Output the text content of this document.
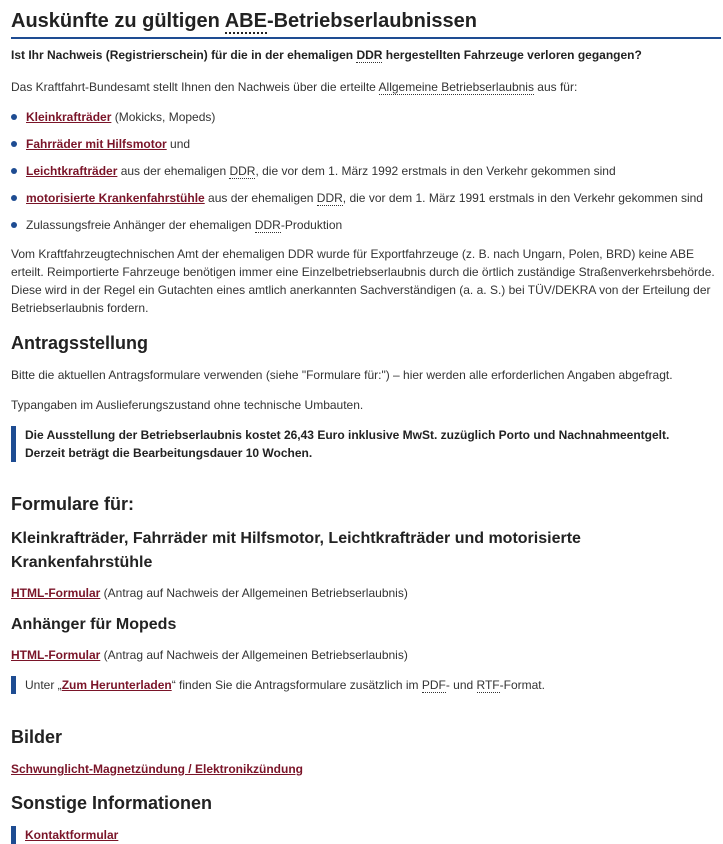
Auskünfte zu gültigen ABE-Betriebserlaubnissen

Ist Ihr Nachweis (Registrierschein) für die in der ehemaligen DDR hergestellten Fahrzeuge verloren gegangen?

Das Kraftfahrt-Bundesamt stellt Ihnen den Nachweis über die erteilte Allgemeine Betriebserlaubnis aus für:

Kleinkrafträder (Mokicks, Mopeds)
Fahrräder mit Hilfsmotor und
Leichtkrafträder aus der ehemaligen DDR, die vor dem 1. März 1992 erstmals in den Verkehr gekommen sind
motorisierte Krankenfahrstühle aus der ehemaligen DDR, die vor dem 1. März 1991 erstmals in den Verkehr gekommen sind
Zulassungsfreie Anhänger der ehemaligen DDR-Produktion

Vom Kraftfahrzeugtechnischen Amt der ehemaligen DDR wurde für Exportfahrzeuge (z. B. nach Ungarn, Polen, BRD) keine ABE erteilt. Reimportierte Fahrzeuge benötigen immer eine Einzelbetriebserlaubnis durch die örtlich zuständige Straßenverkehrsbehörde. Diese wird in der Regel ein Gutachten eines amtlich anerkannten Sachverständigen (a. a. S.) bei TÜV/DEKRA von der Erteilung der Betriebserlaubnis fordern.

Antragsstellung

Bitte die aktuellen Antragsformulare verwenden (siehe "Formulare für:") – hier werden alle erforderlichen Angaben abgefragt.

Typangaben im Auslieferungszustand ohne technische Umbauten.

Die Ausstellung der Betriebserlaubnis kostet 26,43 Euro inklusive MwSt. zuzüglich Porto und Nachnahmeentgelt.
Derzeit beträgt die Bearbeitungsdauer 10 Wochen.
Formulare für:
Kleinkrafträder, Fahrräder mit Hilfsmotor, Leichtkrafträder und motorisierte
Krankenfahrstühle

HTML-Formular (Antrag auf Nachweis der Allgemeinen Betriebserlaubnis)

Anhänger für Mopeds

HTML-Formular (Antrag auf Nachweis der Allgemeinen Betriebserlaubnis)

Unter „Zum Herunterladen“ finden Sie die Antragsformulare zusätzlich im PDF- und RTF-Format.
Bilder

Schwunglicht-Magnetzündung / Elektronikzündung

Sonstige Informationen
Kontaktformular
